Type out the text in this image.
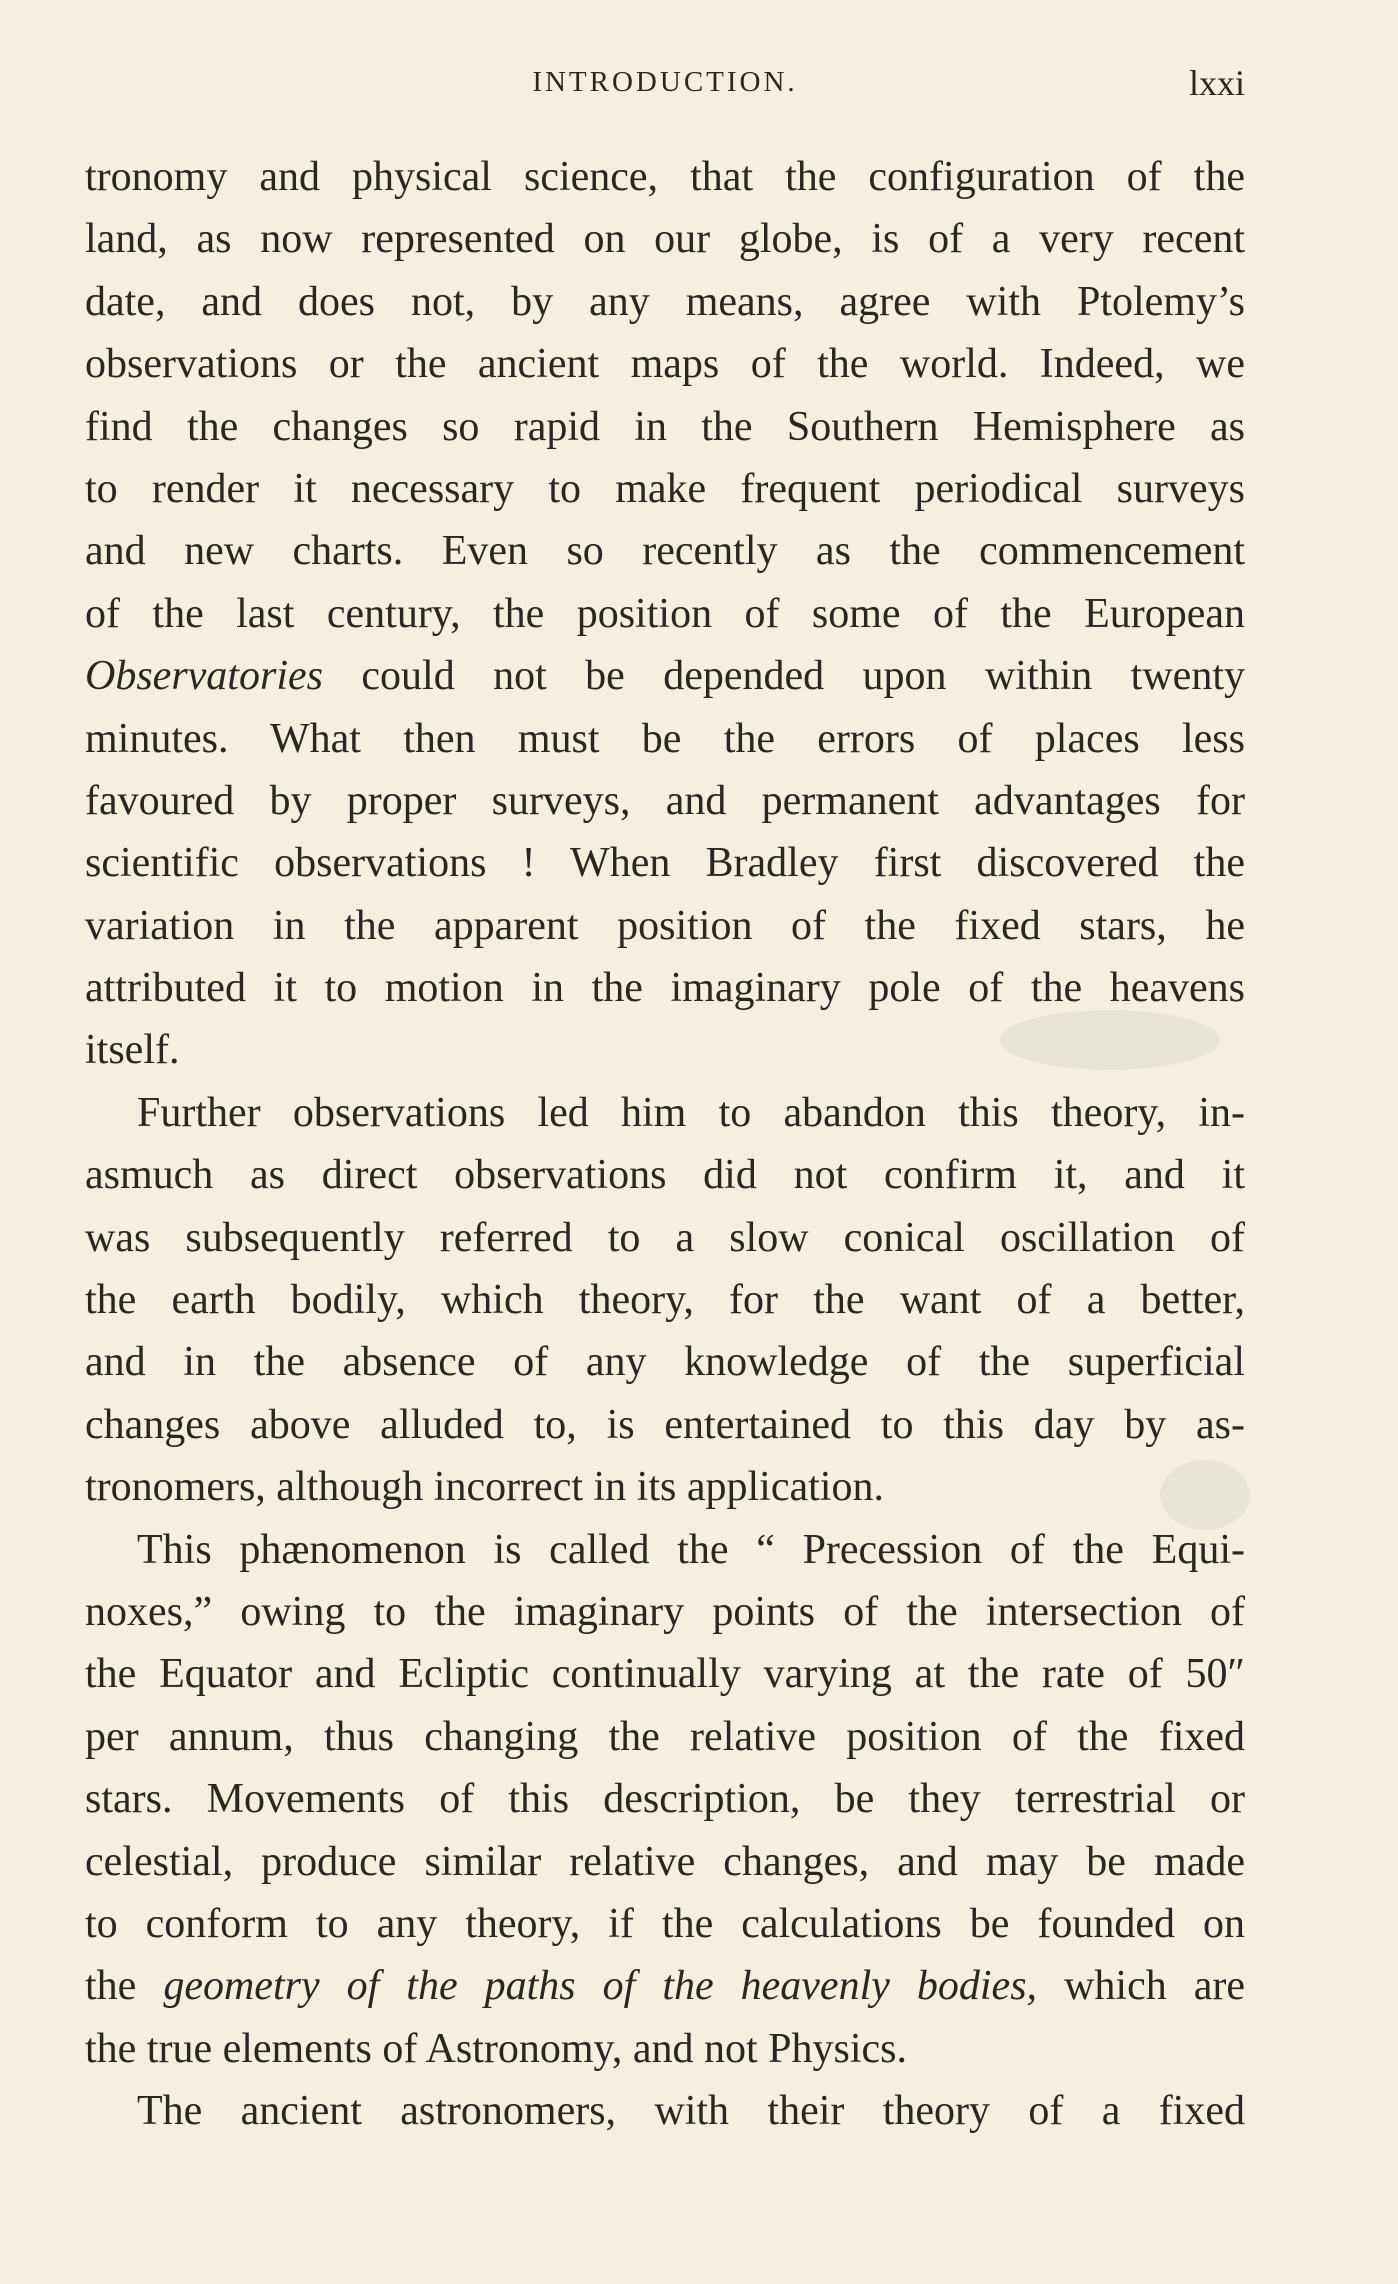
INTRODUCTION.	lxxi
tronomy and physical science, that the configuration of the
land, as now represented on our globe, is of a very recent
date, and does not, by any means, agree with Ptolemy’s
observations or the ancient maps of the world. Indeed, we
find the changes so rapid in the Southern Hemisphere as
to render it necessary to make frequent periodical surveys
and new charts. Even so recently as the commencement
of the last century, the position of some of the European
Observatories could not be depended upon within twenty
minutes. What then must be the errors of places less
favoured by proper surveys, and permanent advantages for
scientific observations ! When Bradley first discovered the
variation in the apparent position of the fixed stars, he
attributed it to motion in the imaginary pole of the heavens
itself.
Further observations led him to abandon this theory, in-
asmuch as direct observations did not confirm it, and it
was subsequently referred to a slow conical oscillation of
the earth bodily, which theory, for the want of a better,
and in the absence of any knowledge of the superficial
changes above alluded to, is entertained to this day by as-
tronomers, although incorrect in its application.
This phænomenon is called the “ Precession of the Equi-
noxes,” owing to the imaginary points of the intersection of
the Equator and Ecliptic continually varying at the rate of 50″
per annum, thus changing the relative position of the fixed
stars. Movements of this description, be they terrestrial or
celestial, produce similar relative changes, and may be made
to conform to any theory, if the calculations be founded on
the geometry of the paths of the heavenly bodies, which are
the true elements of Astronomy, and not Physics.
The ancient astronomers, with their theory of a fixed
